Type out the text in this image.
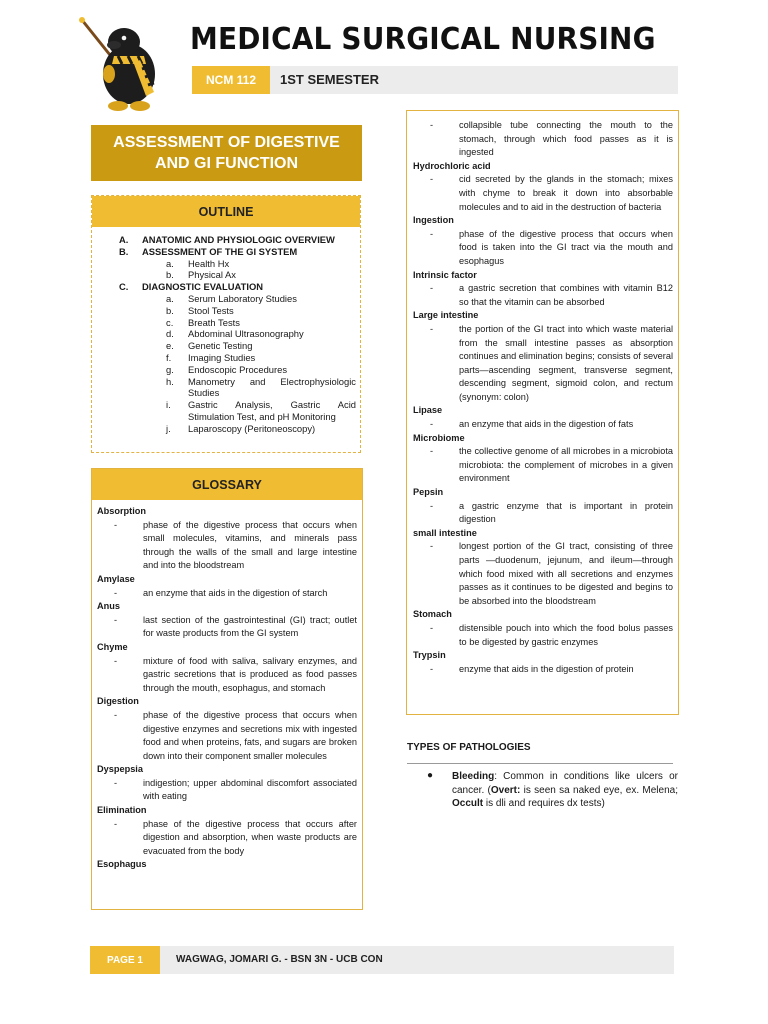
MEDICAL SURGICAL NURSING
NCM 112	1ST SEMESTER
ASSESSMENT OF DIGESTIVE
AND GI FUNCTION
OUTLINE
A. ANATOMIC AND PHYSIOLOGIC OVERVIEW
B. ASSESSMENT OF THE GI SYSTEM
a. Health Hx
b. Physical Ax
C. DIAGNOSTIC EVALUATION
a. Serum Laboratory Studies
b. Stool Tests
c. Breath Tests
d. Abdominal Ultrasonography
e. Genetic Testing
f. Imaging Studies
g. Endoscopic Procedures
h. Manometry and Electrophysiologic Studies
i. Gastric Analysis, Gastric Acid Stimulation Test, and pH Monitoring
j. Laparoscopy (Peritoneoscopy)
GLOSSARY
Absorption
-	phase of the digestive process that occurs when small molecules, vitamins, and minerals pass through the walls of the small and large intestine and into the bloodstream
Amylase
-	an enzyme that aids in the digestion of starch
Anus
-	last section of the gastrointestinal (GI) tract; outlet for waste products from the GI system
Chyme
-	mixture of food with saliva, salivary enzymes, and gastric secretions that is produced as food passes through the mouth, esophagus, and stomach
Digestion
-	phase of the digestive process that occurs when digestive enzymes and secretions mix with ingested food and when proteins, fats, and sugars are broken down into their component smaller molecules
Dyspepsia
-	indigestion; upper abdominal discomfort associated with eating
Elimination
-	phase of the digestive process that occurs after digestion and absorption, when waste products are evacuated from the body
Esophagus
-	collapsible tube connecting the mouth to the stomach, through which food passes as it is ingested
Hydrochloric acid
-	cid secreted by the glands in the stomach; mixes with chyme to break it down into absorbable molecules and to aid in the destruction of bacteria
Ingestion
-	phase of the digestive process that occurs when food is taken into the GI tract via the mouth and esophagus
Intrinsic factor
-	a gastric secretion that combines with vitamin B12 so that the vitamin can be absorbed
Large intestine
-	the portion of the GI tract into which waste material from the small intestine passes as absorption continues and elimination begins; consists of several parts—ascending segment, transverse segment, descending segment, sigmoid colon, and rectum (synonym: colon)
Lipase
-	an enzyme that aids in the digestion of fats
Microbiome
-	the collective genome of all microbes in a microbiota microbiota: the complement of microbes in a given environment
Pepsin
-	a gastric enzyme that is important in protein digestion
small intestine
-	longest portion of the GI tract, consisting of three parts —duodenum, jejunum, and ileum—through which food mixed with all secretions and enzymes passes as it continues to be digested and begins to be absorbed into the bloodstream
Stomach
-	distensible pouch into which the food bolus passes to be digested by gastric enzymes
Trypsin
-	enzyme that aids in the digestion of protein
TYPES OF PATHOLOGIES
● Bleeding: Common in conditions like ulcers or cancer. (Overt: is seen sa naked eye, ex. Melena; Occult is dli and requires dx tests)
PAGE 1	WAGWAG, JOMARI G. - BSN 3N - UCB CON
